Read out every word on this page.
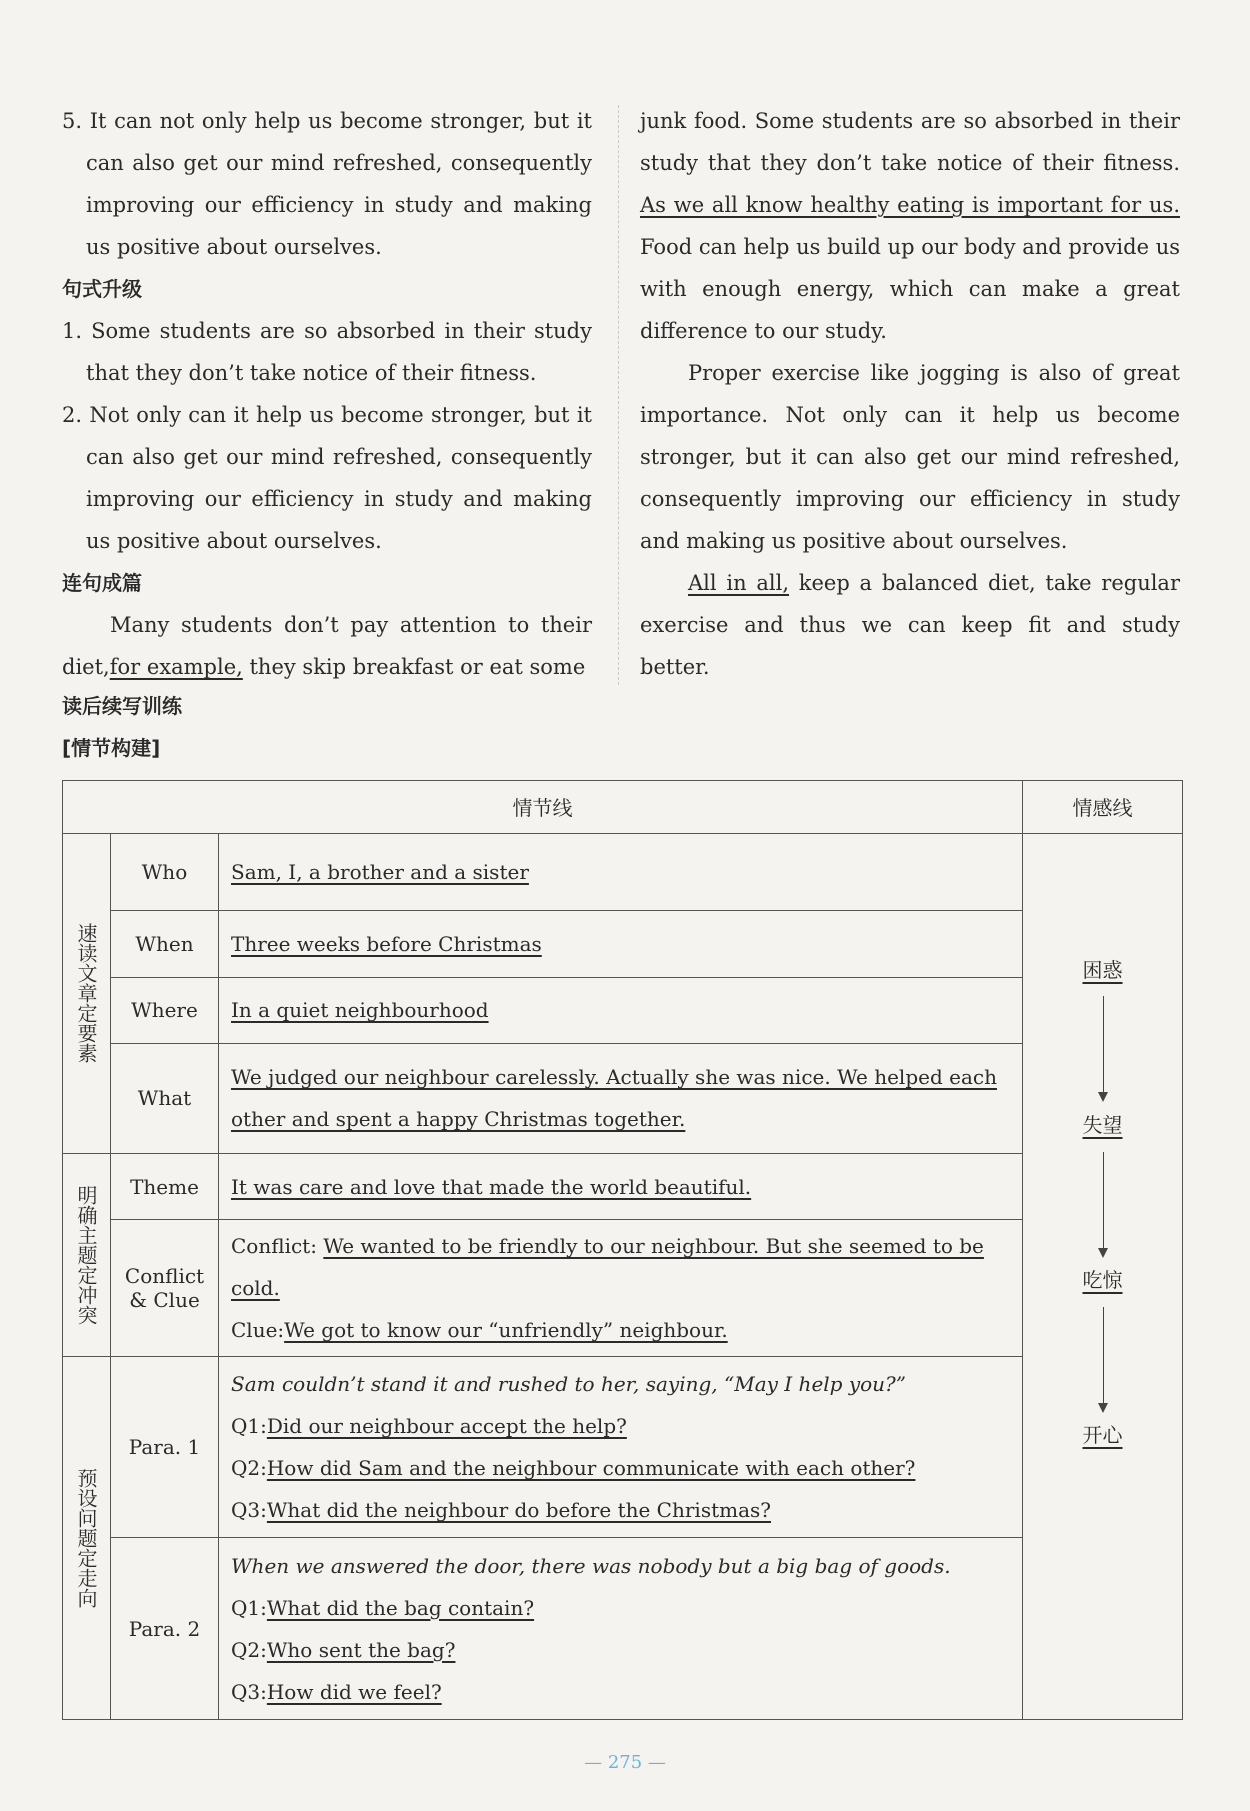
5. It can not only help us become stronger, but it can also get our mind refreshed, consequently improving our efficiency in study and making us positive about ourselves.
句式升级
1. Some students are so absorbed in their study that they don’t take notice of their fitness.
2. Not only can it help us become stronger, but it can also get our mind refreshed, consequently improving our efficiency in study and making us positive about ourselves.
连句成篇
Many students don’t pay attention to their diet,for example, they skip breakfast or eat some
junk food. Some students are so absorbed in their study that they don’t take notice of their fitness. As we all know healthy eating is important for us. Food can help us build up our body and provide us with enough energy, which can make a great difference to our study.
Proper exercise like jogging is also of great importance. Not only can it help us become stronger, but it can also get our mind refreshed, consequently improving our efficiency in study and making us positive about ourselves.
All in all, keep a balanced diet, take regular exercise and thus we can keep fit and study better.
读后续写训练
[情节构建]
情节线			情感线
速读文章定要素	Who	Sam, I, a brother and a sister	困惑
失望
吃惊
开心

	When	Three weeks before Christmas	
	Where	In a quiet neighbourhood	
	What	We judged our neighbour carelessly. Actually she was nice. We helped each other and spent a happy Christmas together.	
明确主题定冲突	Theme	It was care and love that made the world beautiful.	
	Conflict & Clue	Conflict: We wanted to be friendly to our neighbour. But she seemed to be cold.
Clue:We got to know our “unfriendly” neighbour.	

预设问题定走向	Para. 1	Sam couldn’t stand it and rushed to her, saying, “May I help you?”
Q1:Did our neighbour accept the help?
Q2:How did Sam and the neighbour communicate with each other?
Q3:What did the neighbour do before the Christmas?	

	Para. 2	When we answered the door, there was nobody but a big bag of goods.
Q1:What did the bag contain?
Q2:Who sent the bag?
Q3:How did we feel?	
— 275 —
